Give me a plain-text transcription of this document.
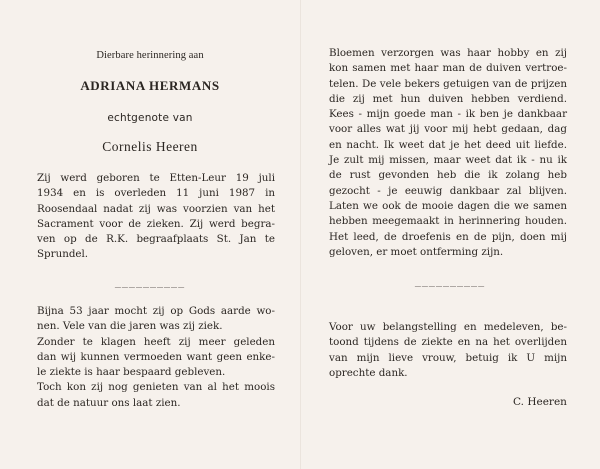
Dierbare herinnering aan
ADRIANA HERMANS
echtgenote van
Cornelis Heeren
Zij werd geboren te Etten-Leur 19 juli
1934 en is overleden 11 juni 1987 in
Roosendaal nadat zij was voorzien van het
Sacrament voor de zieken. Zij werd begra-
ven op de R.K. begraafplaats St. Jan te
Sprundel.
__________
Bijna 53 jaar mocht zij op Gods aarde wo-
nen. Vele van die jaren was zij ziek.
Zonder te klagen heeft zij meer geleden
dan wij kunnen vermoeden want geen enke-
le ziekte is haar bespaard gebleven.
Toch kon zij nog genieten van al het moois
dat de natuur ons laat zien.
Bloemen verzorgen was haar hobby en zij
kon samen met haar man de duiven vertroe-
telen. De vele bekers getuigen van de prijzen
die zij met hun duiven hebben verdiend.
Kees - mijn goede man - ik ben je dankbaar
voor alles wat jij voor mij hebt gedaan, dag
en nacht. Ik weet dat je het deed uit liefde.
Je zult mij missen, maar weet dat ik - nu ik
de rust gevonden heb die ik zolang heb
gezocht - je eeuwig dankbaar zal blijven.
Laten we ook de mooie dagen die we samen
hebben meegemaakt in herinnering houden.
Het leed, de droefenis en de pijn, doen mij
geloven, er moet ontferming zijn.
__________
Voor uw belangstelling en medeleven, be-
toond tijdens de ziekte en na het overlijden
van mijn lieve vrouw, betuig ik U mijn
oprechte dank.
C. Heeren
